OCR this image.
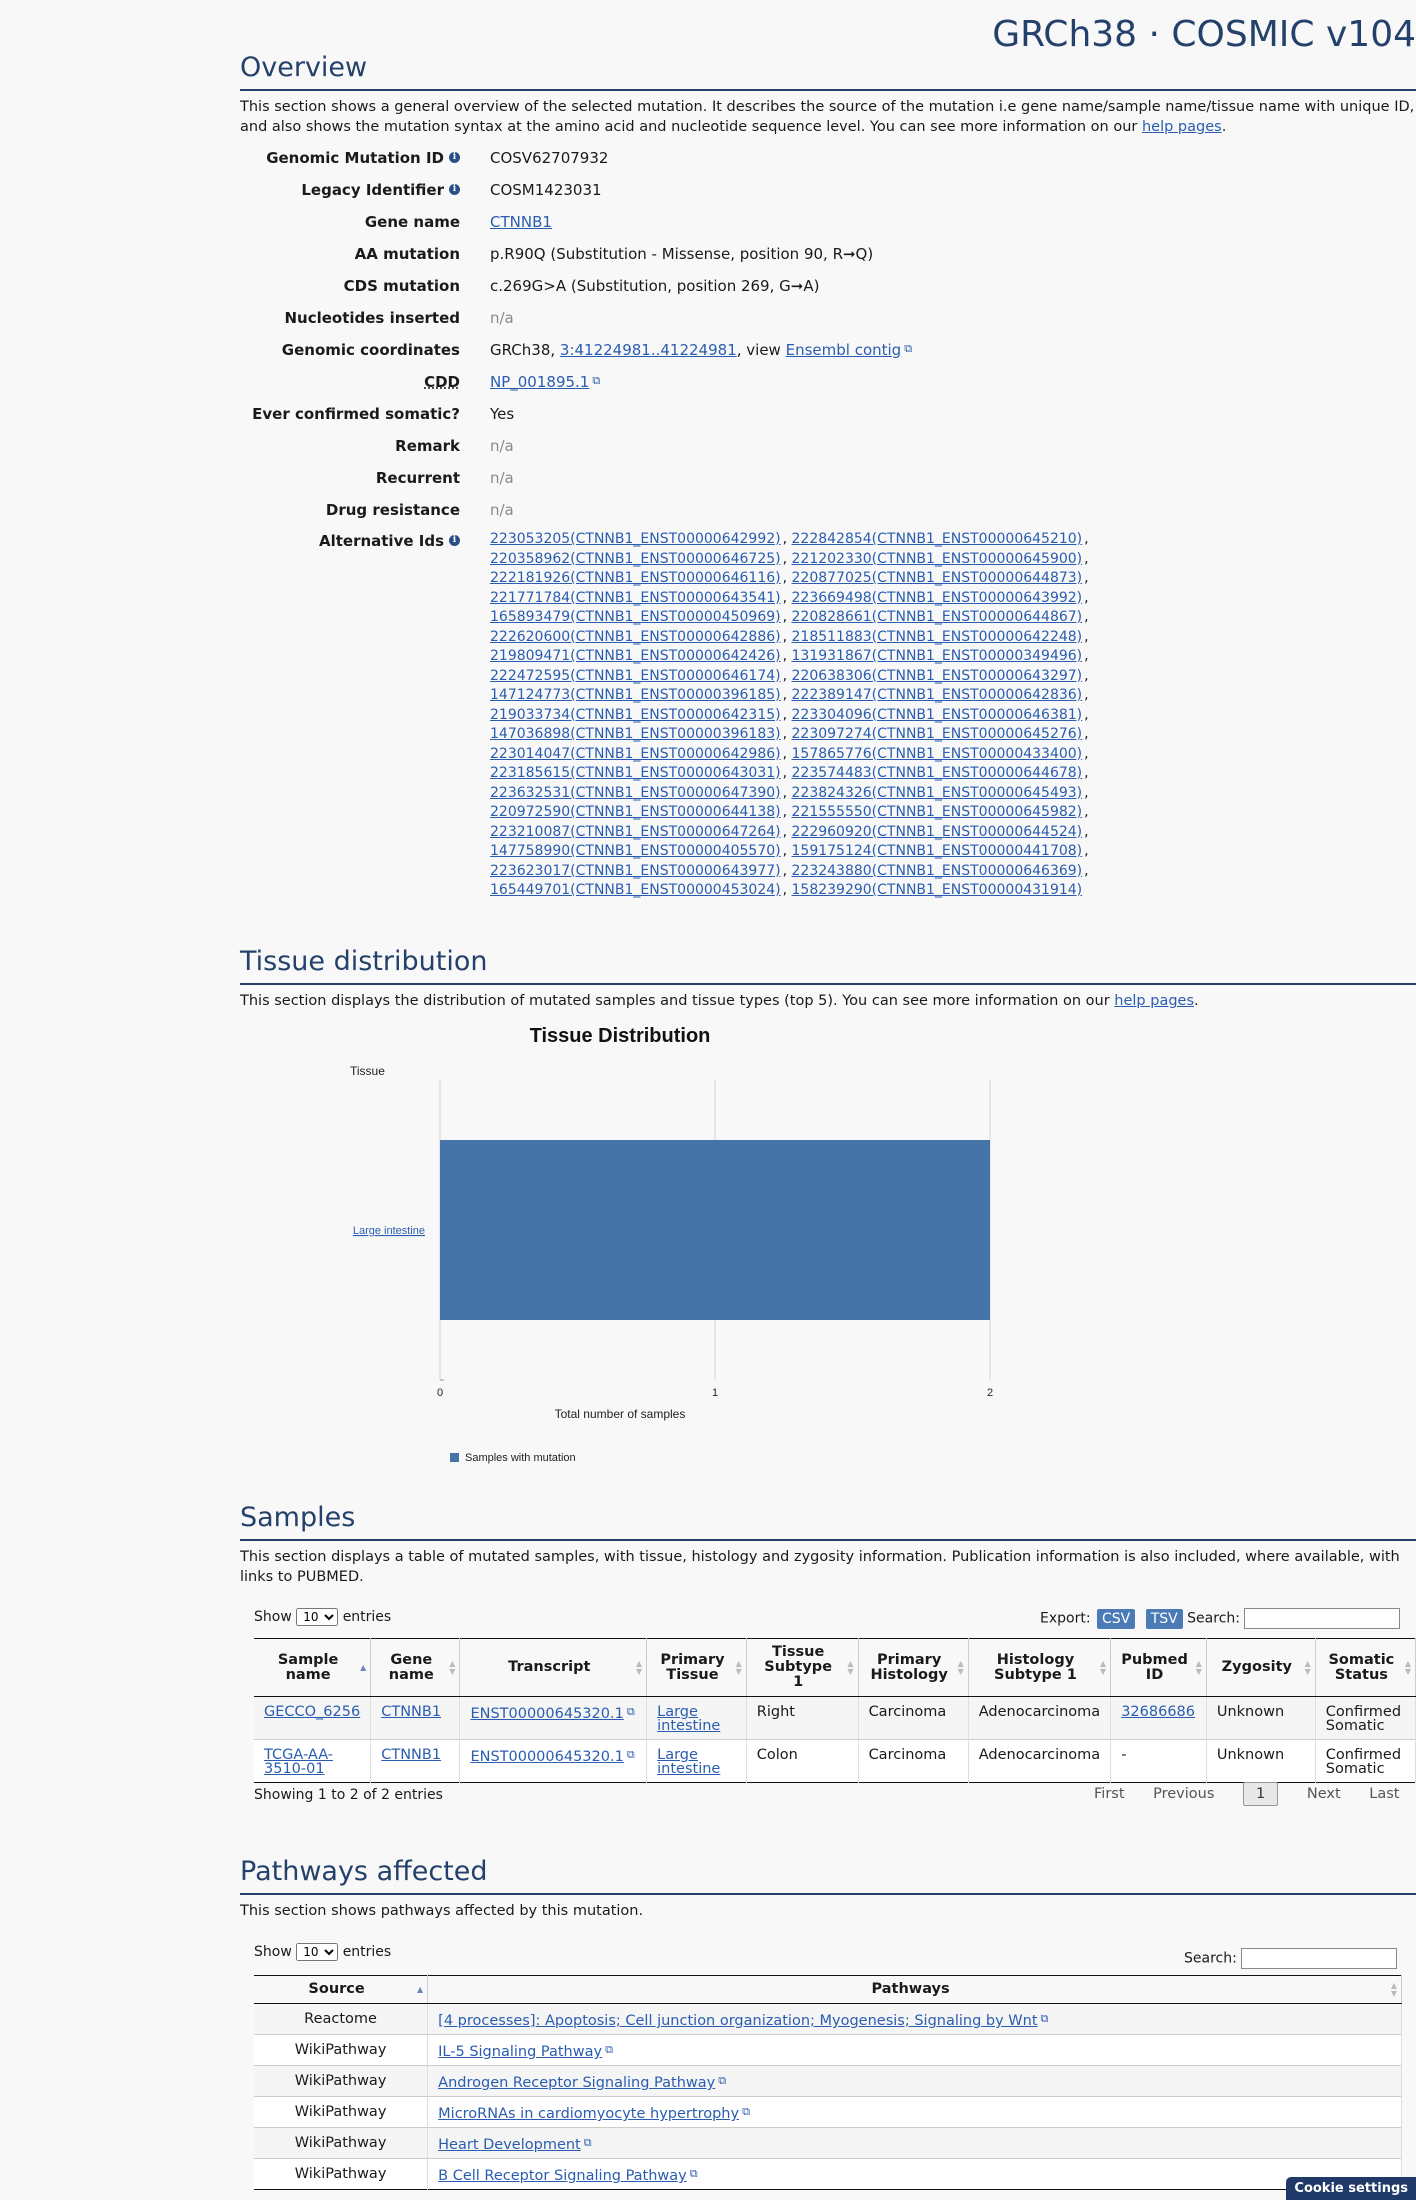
GRCh38 · COSMIC v104
Overview

This section shows a general overview of the selected mutation. It describes the source of the mutation i.e gene name/sample name/tissue name with unique ID, and also shows the mutation syntax at the amino acid and nucleotide sequence level. You can see more information on our help pages.

Genomic Mutation ID i COSV62707932
Legacy Identifier i COSM1423031
Gene name CTNNB1
AA mutation p.R90Q (Substitution - Missense, position 90, R➞Q)
CDS mutation c.269G>A (Substitution, position 269, G➞A)
Nucleotides inserted n/a
Genomic coordinates GRCh38, 3:41224981..41224981, view Ensembl contig ⧉
CDD NP_001895.1 ⧉
Ever confirmed somatic? Yes
Remark n/a
Recurrent n/a
Drug resistance n/a
Alternative Ids i 223053205(CTNNB1_ENST00000642992) , 222842854(CTNNB1_ENST00000645210) ,
220358962(CTNNB1_ENST00000646725) , 221202330(CTNNB1_ENST00000645900) ,
222181926(CTNNB1_ENST00000646116) , 220877025(CTNNB1_ENST00000644873) ,
221771784(CTNNB1_ENST00000643541) , 223669498(CTNNB1_ENST00000643992) ,
165893479(CTNNB1_ENST00000450969) , 220828661(CTNNB1_ENST00000644867) ,
222620600(CTNNB1_ENST00000642886) , 218511883(CTNNB1_ENST00000642248) ,
219809471(CTNNB1_ENST00000642426) , 131931867(CTNNB1_ENST00000349496) ,
222472595(CTNNB1_ENST00000646174) , 220638306(CTNNB1_ENST00000643297) ,
147124773(CTNNB1_ENST00000396185) , 222389147(CTNNB1_ENST00000642836) ,
219033734(CTNNB1_ENST00000642315) , 223304096(CTNNB1_ENST00000646381) ,
147036898(CTNNB1_ENST00000396183) , 223097274(CTNNB1_ENST00000645276) ,
223014047(CTNNB1_ENST00000642986) , 157865776(CTNNB1_ENST00000433400) ,
223185615(CTNNB1_ENST00000643031) , 223574483(CTNNB1_ENST00000644678) ,
223632531(CTNNB1_ENST00000647390) , 223824326(CTNNB1_ENST00000645493) ,
220972590(CTNNB1_ENST00000644138) , 221555550(CTNNB1_ENST00000645982) ,
223210087(CTNNB1_ENST00000647264) , 222960920(CTNNB1_ENST00000644524) ,
147758990(CTNNB1_ENST00000405570) , 159175124(CTNNB1_ENST00000441708) ,
223623017(CTNNB1_ENST00000643977) , 223243880(CTNNB1_ENST00000646369) ,
165449701(CTNNB1_ENST00000453024) , 158239290(CTNNB1_ENST00000431914)
Tissue distribution

This section displays the distribution of mutated samples and tissue types (top 5). You can see more information on our help pages.

Tissue Distribution
Tissue
0	1	2
Large intestine
Total number of samples
Samples with mutation
Samples

This section displays a table of mutated samples, with tissue, histology and zygosity information. Publication information is also included, where available, with links to PUBMED.

Show
10	entries	Export: CSV TSV Search:
Sample name ▲	Gene name
▲
▼	Transcript ▲
▼	Primary Tissue
▲
▼	Tissue Subtype 1
▲
▼	Primary Histology
▲
▼	Histology Subtype 1
▲
▼	Pubmed ID
▲
▼	Zygosity ▲
▼	Somatic Status
▲
▼

GECCO_6256	CTNNB1	ENST00000645320.1 ⧉	Large intestine	Right	Carcinoma	Adenocarcinoma	32686686	Unknown	Confirmed Somatic
TCGA-AA-3510-01	CTNNB1	ENST00000645320.1 ⧉	Large intestine	Colon	Carcinoma	Adenocarcinoma	-	Unknown	Confirmed Somatic
Showing 1 to 2 of 2 entries	First Previous	1	Next Last
Pathways affected

This section shows pathways affected by this mutation.

Show
10	entries	Search:
Source ▲	Pathways ▲
▼

Reactome	[4 processes]: Apoptosis; Cell junction organization; Myogenesis; Signaling by Wnt ⧉
WikiPathway	IL-5 Signaling Pathway ⧉
WikiPathway	Androgen Receptor Signaling Pathway ⧉
WikiPathway	MicroRNAs in cardiomyocyte hypertrophy ⧉
WikiPathway	Heart Development ⧉
WikiPathway	B Cell Receptor Signaling Pathway ⧉
Cookie settings
